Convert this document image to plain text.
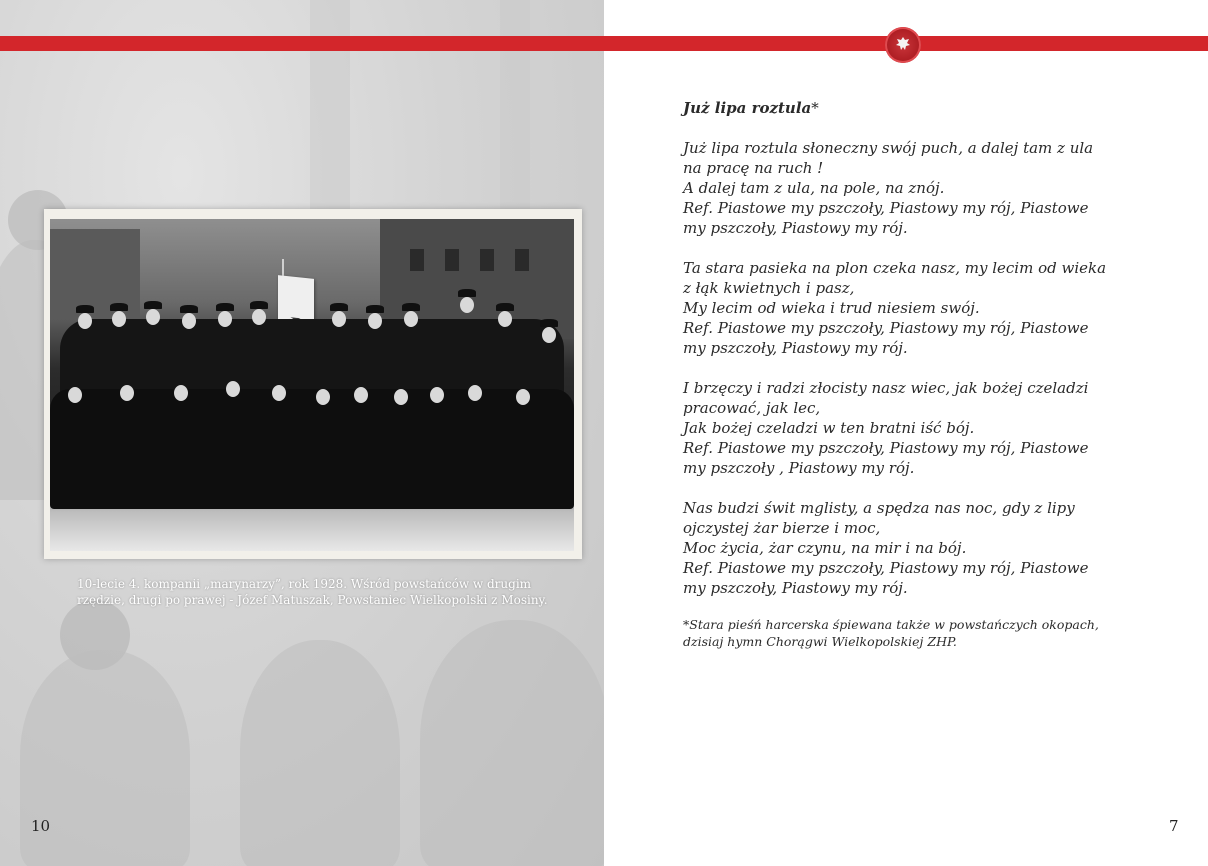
10-lecie 4. kompanii „marynarzy”, rok 1928. Wśród powstańców w drugim rzędzie, drugi po prawej - Józef Matuszak, Powstaniec Wielkopolski z Mosiny.
10

Już lipa roztula*

Już lipa roztula słoneczny swój puch, a dalej tam z ula na pracę na ruch !
A dalej tam z ula, na pole, na znój.
Ref. Piastowe my pszczoły, Piastowy my rój, Piastowe my pszczoły, Piastowy my rój.

Ta stara pasieka na plon czeka nasz, my lecim od wieka z łąk kwietnych i pasz,
My lecim od wieka i trud niesiem swój.
Ref. Piastowe my pszczoły, Piastowy my rój, Piastowe my pszczoły, Piastowy my rój.

I brzęczy i radzi złocisty nasz wiec, jak bożej czeladzi pracować, jak lec,
Jak bożej czeladzi w ten bratni iść bój.
Ref. Piastowe my pszczoły, Piastowy my rój, Piastowe my pszczoły , Piastowy my rój.

Nas budzi świt mglisty, a spędza nas noc, gdy z lipy ojczystej żar bierze i moc,
Moc życia, żar czynu, na mir i na bój.
Ref. Piastowe my pszczoły, Piastowy my rój, Piastowe my pszczoły, Piastowy my rój.

*Stara pieśń harcerska śpiewana także w powstańczych okopach, dzisiaj hymn Chorągwi Wielkopolskiej ZHP.

7
